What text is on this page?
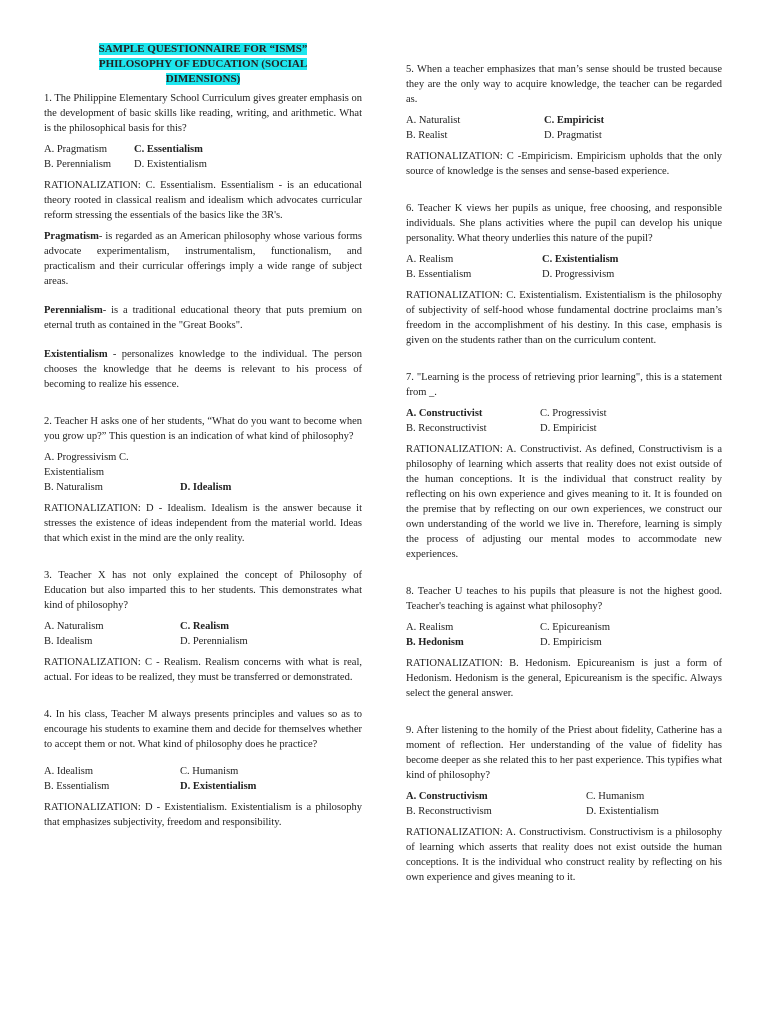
SAMPLE QUESTIONNAIRE FOR “ISMS” PHILOSOPHY OF EDUCATION (SOCIAL DIMENSIONS)

1. The Philippine Elementary School Curriculum gives greater emphasis on the development of basic skills like reading, writing, and arithmetic. What is the philosophical basis for this?

A. Pragmatism	C. Essentialism
B. Perennialism	D. Existentialism

RATIONALIZATION: C. Essentialism. Essentialism - is an educational theory rooted in classical realism and idealism which advocates curricular reform stressing the essentials of the basics like the 3R's.

Pragmatism- is regarded as an American philosophy whose various forms advocate experimentalism, instrumentalism, functionalism, and practicalism and their curricular offerings imply a wide range of subject areas.

Perennialism- is a traditional educational theory that puts premium on eternal truth as contained in the "Great Books".

Existentialism - personalizes knowledge to the individual. The person chooses the knowledge that he deems is relevant to his process of becoming to realize his essence.

2. Teacher H asks one of her students, “What do you want to become when you grow up?” This question is an indication of what kind of philosophy?

A. Progressivism C. Existentialism
B. Naturalism	D. Idealism

RATIONALIZATION: D - Idealism. Idealism is the answer because it stresses the existence of ideas independent from the material world. Ideas that which exist in the mind are the only reality.

3. Teacher X has not only explained the concept of Philosophy of Education but also imparted this to her students. This demonstrates what kind of philosophy?

A. Naturalism	C. Realism
B. Idealism	D. Perennialism

RATIONALIZATION: C - Realism. Realism concerns with what is real, actual. For ideas to be realized, they must be transferred or demonstrated.

4. In his class, Teacher M always presents principles and values so as to encourage his students to examine them and decide for themselves whether to accept them or not. What kind of philosophy does he practice?

A. Idealism	C. Humanism
B. Essentialism	D. Existentialism

RATIONALIZATION: D - Existentialism. Existentialism is a philosophy that emphasizes subjectivity, freedom and responsibility.

5. When a teacher emphasizes that man’s sense should be trusted because they are the only way to acquire knowledge, the teacher can be regarded as.

A. Naturalist	C. Empiricist
B. Realist	D. Pragmatist

RATIONALIZATION: C -Empiricism. Empiricism upholds that the only source of knowledge is the senses and sense-based experience.

6. Teacher K views her pupils as unique, free choosing, and responsible individuals. She plans activities where the pupil can develop his unique personality. What theory underlies this nature of the pupil?

A. Realism	C. Existentialism
B. Essentialism	D. Progressivism

RATIONALIZATION: C. Existentialism. Existentialism is the philosophy of subjectivity of self-hood whose fundamental doctrine proclaims man’s freedom in the accomplishment of his destiny. In this case, emphasis is given on the students rather than on the curriculum content.

7. "Learning is the process of retrieving prior learning", this is a statement from _.

A. Constructivist	C. Progressivist
B. Reconstructivist	D. Empiricist

RATIONALIZATION: A. Constructivist. As defined, Constructivism is a philosophy of learning which asserts that reality does not exist outside of the human conceptions. It is the individual that construct reality by reflecting on his own experience and gives meaning to it. It is founded on the premise that by reflecting on our own experiences, we construct our own understanding of the world we live in. Therefore, learning is simply the process of adjusting our mental modes to accommodate new experiences.

8. Teacher U teaches to his pupils that pleasure is not the highest good. Teacher's teaching is against what philosophy?

A. Realism	C. Epicureanism
B. Hedonism	D. Empiricism

RATIONALIZATION: B. Hedonism. Epicureanism is just a form of Hedonism. Hedonism is the general, Epicureanism is the specific. Always select the general answer.

9. After listening to the homily of the Priest about fidelity, Catherine has a moment of reflection. Her understanding of the value of fidelity has become deeper as she related this to her past experience. This typifies what kind of philosophy?

A. Constructivism	C. Humanism
B. Reconstructivism	D. Existentialism

RATIONALIZATION: A. Constructivism. Constructivism is a philosophy of learning which asserts that reality does not exist outside the human conceptions. It is the individual who construct reality by reflecting on his own experience and gives meaning to it.
